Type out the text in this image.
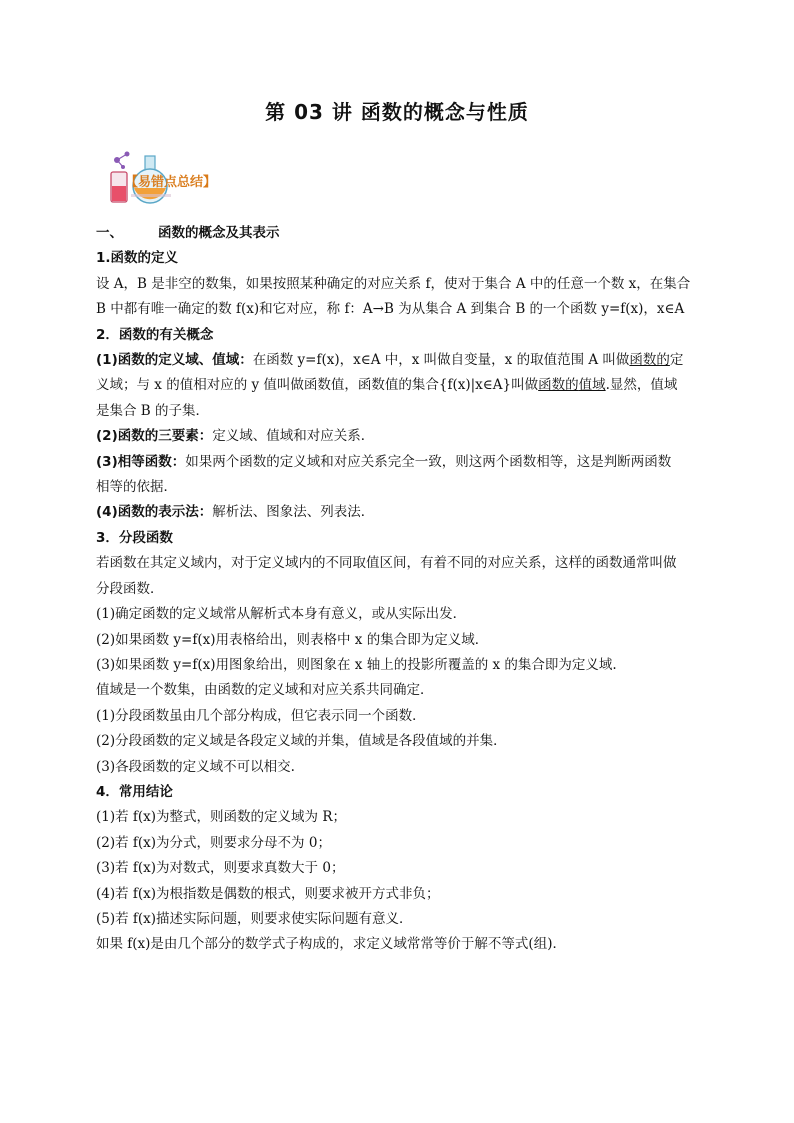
第 03 讲 函数的概念与性质
【易错点总结】

一、	函数的概念及其表示

1.函数的定义

设 A，B 是非空的数集，如果按照某种确定的对应关系 f，使对于集合 A 中的任意一个数 x，在集合

B 中都有唯一确定的数 f(x)和它对应，称 f：A→B 为从集合 A 到集合 B 的一个函数 y=f(x)，x∈A

2．函数的有关概念

(1)函数的定义域、值域：在函数 y=f(x)，x∈A 中，x 叫做自变量，x 的取值范围 A 叫做函数的定

义域；与 x 的值相对应的 y 值叫做函数值，函数值的集合{f(x)|x∈A}叫做函数的值域.显然，值域

是集合 B 的子集．

(2)函数的三要素：定义域、值域和对应关系．

(3)相等函数：如果两个函数的定义域和对应关系完全一致，则这两个函数相等，这是判断两函数

相等的依据．

(4)函数的表示法：解析法、图象法、列表法．

3．分段函数

若函数在其定义域内，对于定义域内的不同取值区间，有着不同的对应关系，这样的函数通常叫做

分段函数．

(1)确定函数的定义域常从解析式本身有意义，或从实际出发．

(2)如果函数 y=f(x)用表格给出，则表格中 x 的集合即为定义域．

(3)如果函数 y=f(x)用图象给出，则图象在 x 轴上的投影所覆盖的 x 的集合即为定义域.

值域是一个数集，由函数的定义域和对应关系共同确定．

(1)分段函数虽由几个部分构成，但它表示同一个函数．

(2)分段函数的定义域是各段定义域的并集，值域是各段值域的并集．

(3)各段函数的定义域不可以相交.

4．常用结论

(1)若 f(x)为整式，则函数的定义域为 R；

(2)若 f(x)为分式，则要求分母不为 0；

(3)若 f(x)为对数式，则要求真数大于 0；

(4)若 f(x)为根指数是偶数的根式，则要求被开方式非负；

(5)若 f(x)描述实际问题，则要求使实际问题有意义．

如果 f(x)是由几个部分的数学式子构成的，求定义域常常等价于解不等式(组)．
